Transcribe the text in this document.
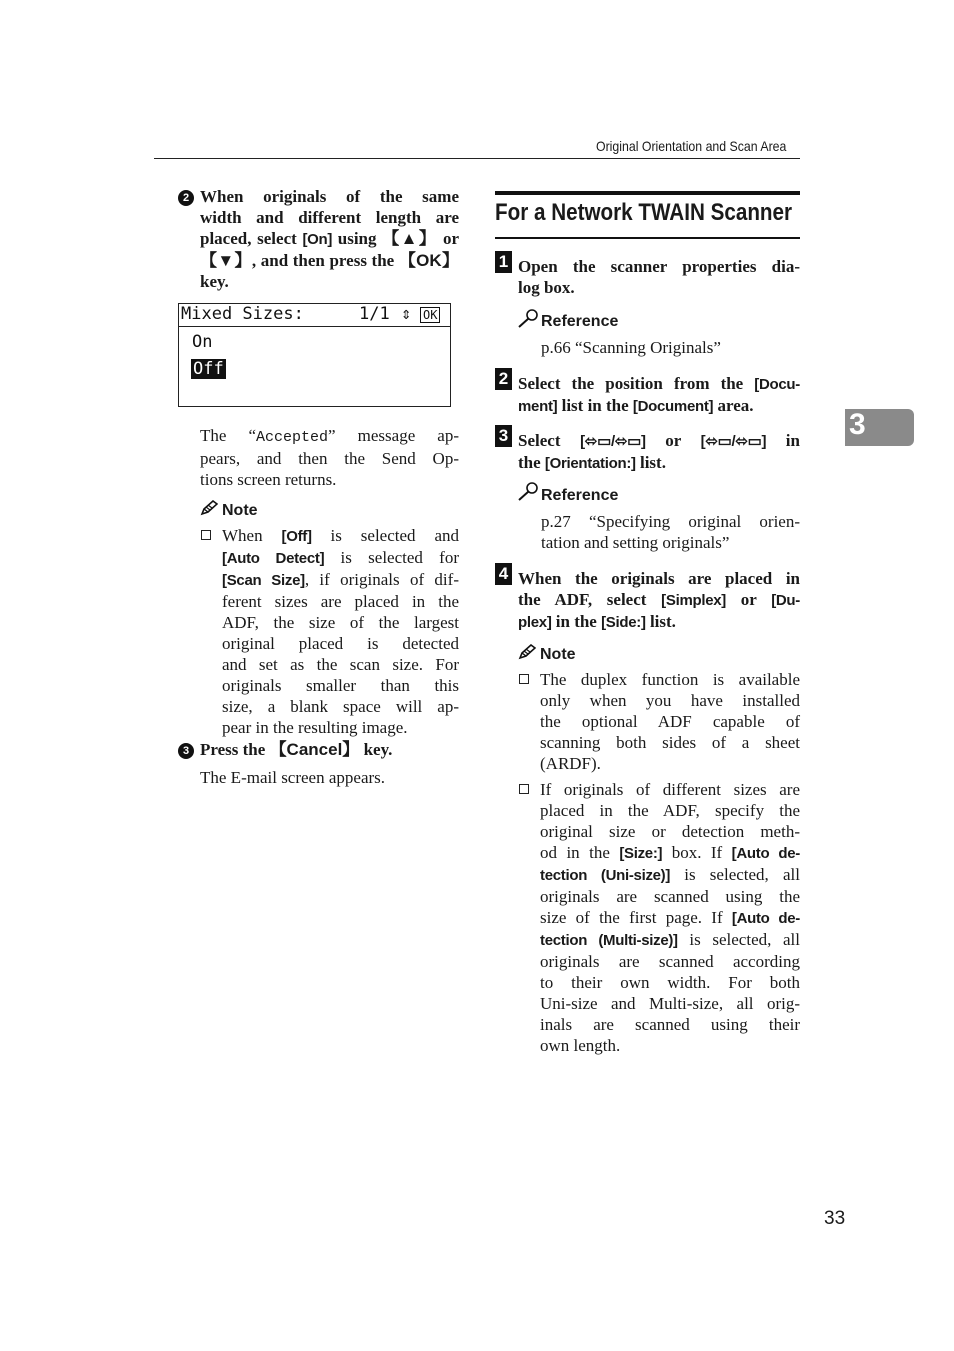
Original Orientation and Scan Area
2 When originals of the same
width and different length are
placed, select [On] using 【▲】 or
【▼】, and then press the 【OK】
key.
Mixed Sizes:	1/1 ⇕ OK
On
Off
The “Accepted” message ap-
pears, and then the Send Op-
tions screen returns.
Note
When [Off] is selected and
[Auto Detect] is selected for
[Scan Size], if originals of dif-
ferent sizes are placed in the
ADF, the size of the largest
original placed is detected
and set as the scan size. For
originals smaller than this
size, a blank space will ap-
pear in the resulting image.
3 Press the 【Cancel】 key.
The E-mail screen appears.
For a Network TWAIN Scanner
1 Open the scanner properties dia-
log box.
Reference
p.66 “Scanning Originals”
2 Select the position from the [Docu-
ment] list in the [Document] area.
3 Select [⬄▭/⬄▭] or [⬄▭/⬄▭] in
the [Orientation:] list.
Reference
p.27 “Specifying original orien-
tation and setting originals”
4 When the originals are placed in
the ADF, select [Simplex] or [Du-
plex] in the [Side:] list.
Note
The duplex function is available
only when you have installed
the optional ADF capable of
scanning both sides of a sheet
(ARDF).
If originals of different sizes are
placed in the ADF, specify the
original size or detection meth-
od in the [Size:] box. If [Auto de-
tection (Uni-size)] is selected, all
originals are scanned using the
size of the first page. If [Auto de-
tection (Multi-size)] is selected, all
originals are scanned according
to their own width. For both
Uni-size and Multi-size, all orig-
inals are scanned using their
own length.
3
33
